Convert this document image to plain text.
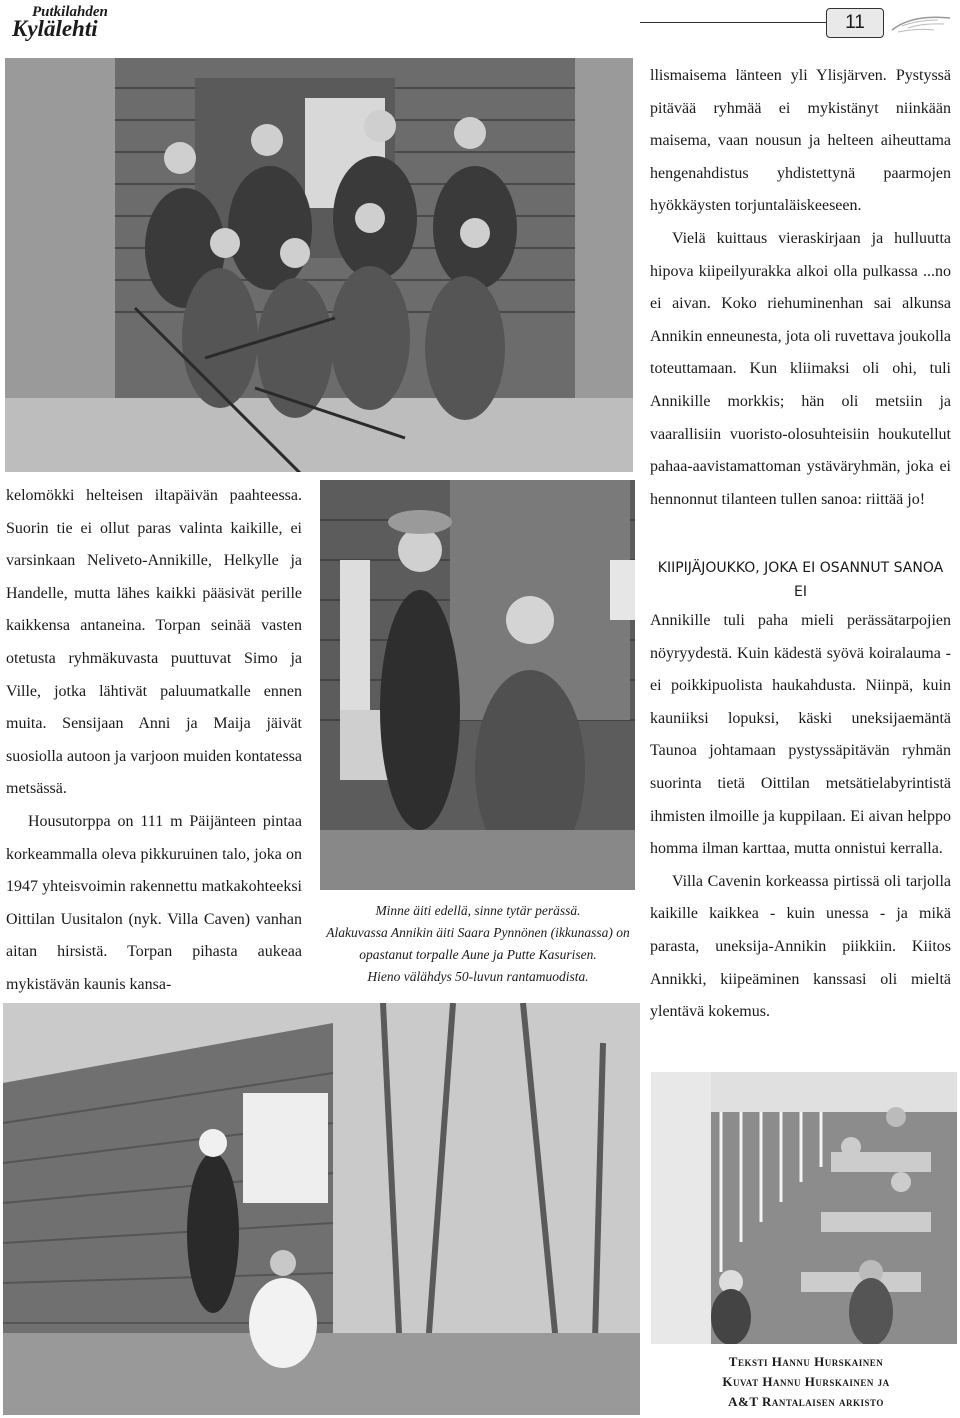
Putkilahden
Kylälehti	11

kelomökki helteisen iltapäivän paahteessa. Suorin tie ei ollut paras valinta kaikille, ei varsinkaan Neliveto-Annikille, Helkylle ja Handelle, mutta lähes kaikki pääsivät perille kaikkensa antaneina. Torpan seinää vasten otetusta ryhmäkuvasta puuttuvat Simo ja Ville, jotka lähtivät paluumatkalle ennen muita. Sensijaan Anni ja Maija jäivät suosiolla autoon ja varjoon muiden kontatessa metsässä.

Housutorppa on 111 m Päijänteen pintaa korkeammalla oleva pikkuruinen talo, joka on 1947 yhteisvoimin rakennettu matkakohteeksi Oittilan Uusitalon (nyk. Villa Caven) vanhan aitan hirsistä. Torpan pihasta aukeaa mykistävän kaunis kansa-

Minne äiti edellä, sinne tytär perässä.
Alakuvassa Annikin äiti Saara Pynnönen (ikkunassa) on opastanut torpalle Aune ja Putte Kasurisen.
Hieno välähdys 50-luvun rantamuodista.

llismaisema länteen yli Ylisjärven. Pystyssä pitävää ryhmää ei mykistänyt niinkään maisema, vaan nousun ja helteen aiheuttama hengenahdistus yhdistettynä paarmojen hyökkäysten torjuntaläiskeeseen.

Vielä kuittaus vieraskirjaan ja hulluutta hipova kiipeilyurakka alkoi olla pulkassa ...no ei aivan. Koko riehuminenhan sai alkunsa Annikin enneunesta, jota oli ruvettava joukolla toteuttamaan. Kun kliimaksi oli ohi, tuli Annikille morkkis; hän oli metsiin ja vaarallisiin vuoristo-olosuhteisiin houkutellut pahaa-aavistamattoman ystäväryhmän, joka ei hennonnut tilanteen tullen sanoa: riittää jo!

KIIPIJÄJOUKKO, JOKA EI OSANNUT SANOA EI

Annikille tuli paha mieli perässätarpojien nöyryydestä. Kuin kädestä syövä koiralauma - ei poikkipuolista haukahdusta. Niinpä, kuin kauniiksi lopuksi, käski uneksijaemäntä Taunoa johtamaan pystyssäpitävän ryhmän suorinta tietä Oittilan metsätielabyrintistä ihmisten ilmoille ja kuppilaan. Ei aivan helppo homma ilman karttaa, mutta onnistui kerralla.

Villa Cavenin korkeassa pirtissä oli tarjolla kaikille kaikkea - kuin unessa - ja mikä parasta, uneksija-Annikin piikkiin. Kiitos Annikki, kiipeäminen kanssasi oli mieltä ylentävä kokemus.

Teksti Hannu Hurskainen
Kuvat Hannu Hurskainen ja
A&T Rantalaisen arkisto
